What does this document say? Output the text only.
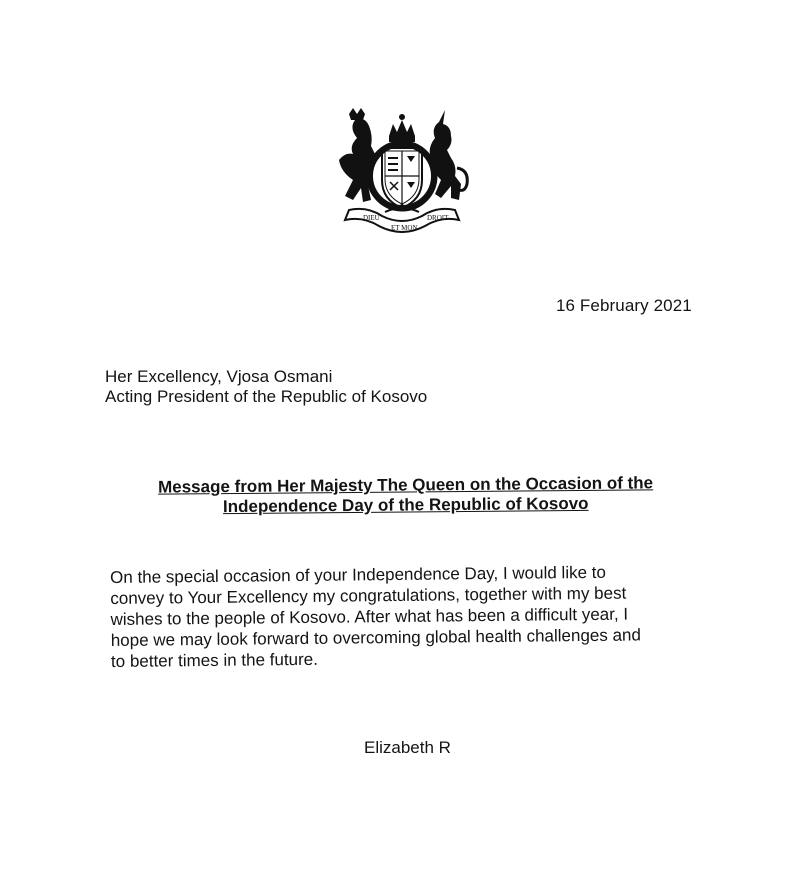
DIEU
ET MON
DROIT
16 February 2021
Her Excellency, Vjosa Osmani
Acting President of the Republic of Kosovo
Message from Her Majesty The Queen on the Occasion of the
Independence Day of the Republic of Kosovo
On the special occasion of your Independence Day, I would like to
convey to Your Excellency my congratulations, together with my best
wishes to the people of Kosovo. After what has been a difficult year, I
hope we may look forward to overcoming global health challenges and
to better times in the future.
Elizabeth R
